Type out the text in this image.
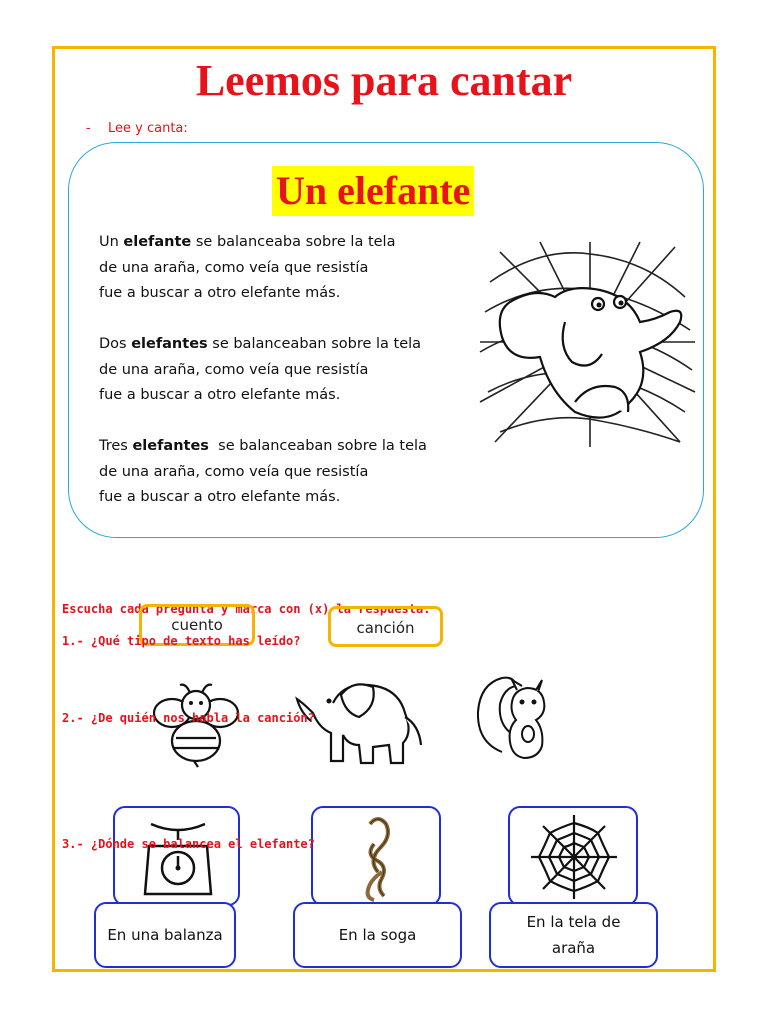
Leemos para cantar
- Lee y canta:
Un elefante
Un elefante se balanceaba sobre la tela
de una araña, como veía que resistía
fue a buscar a otro elefante más.
Dos elefantes se balanceaban sobre la tela
de una araña, como veía que resistía
fue a buscar a otro elefante más.
Tres elefantes  se balanceaban sobre la tela
de una araña, como veía que resistía
fue a buscar a otro elefante más.
Escucha cada pregunta y marca con (x) la respuesta:
cuento	canción
1.- ¿Qué tipo de texto has leído?
2.- ¿De quién nos habla la canción?
3.- ¿Dónde se balancea el elefante?
En una balanza	En la soga
En la tela de
araña
